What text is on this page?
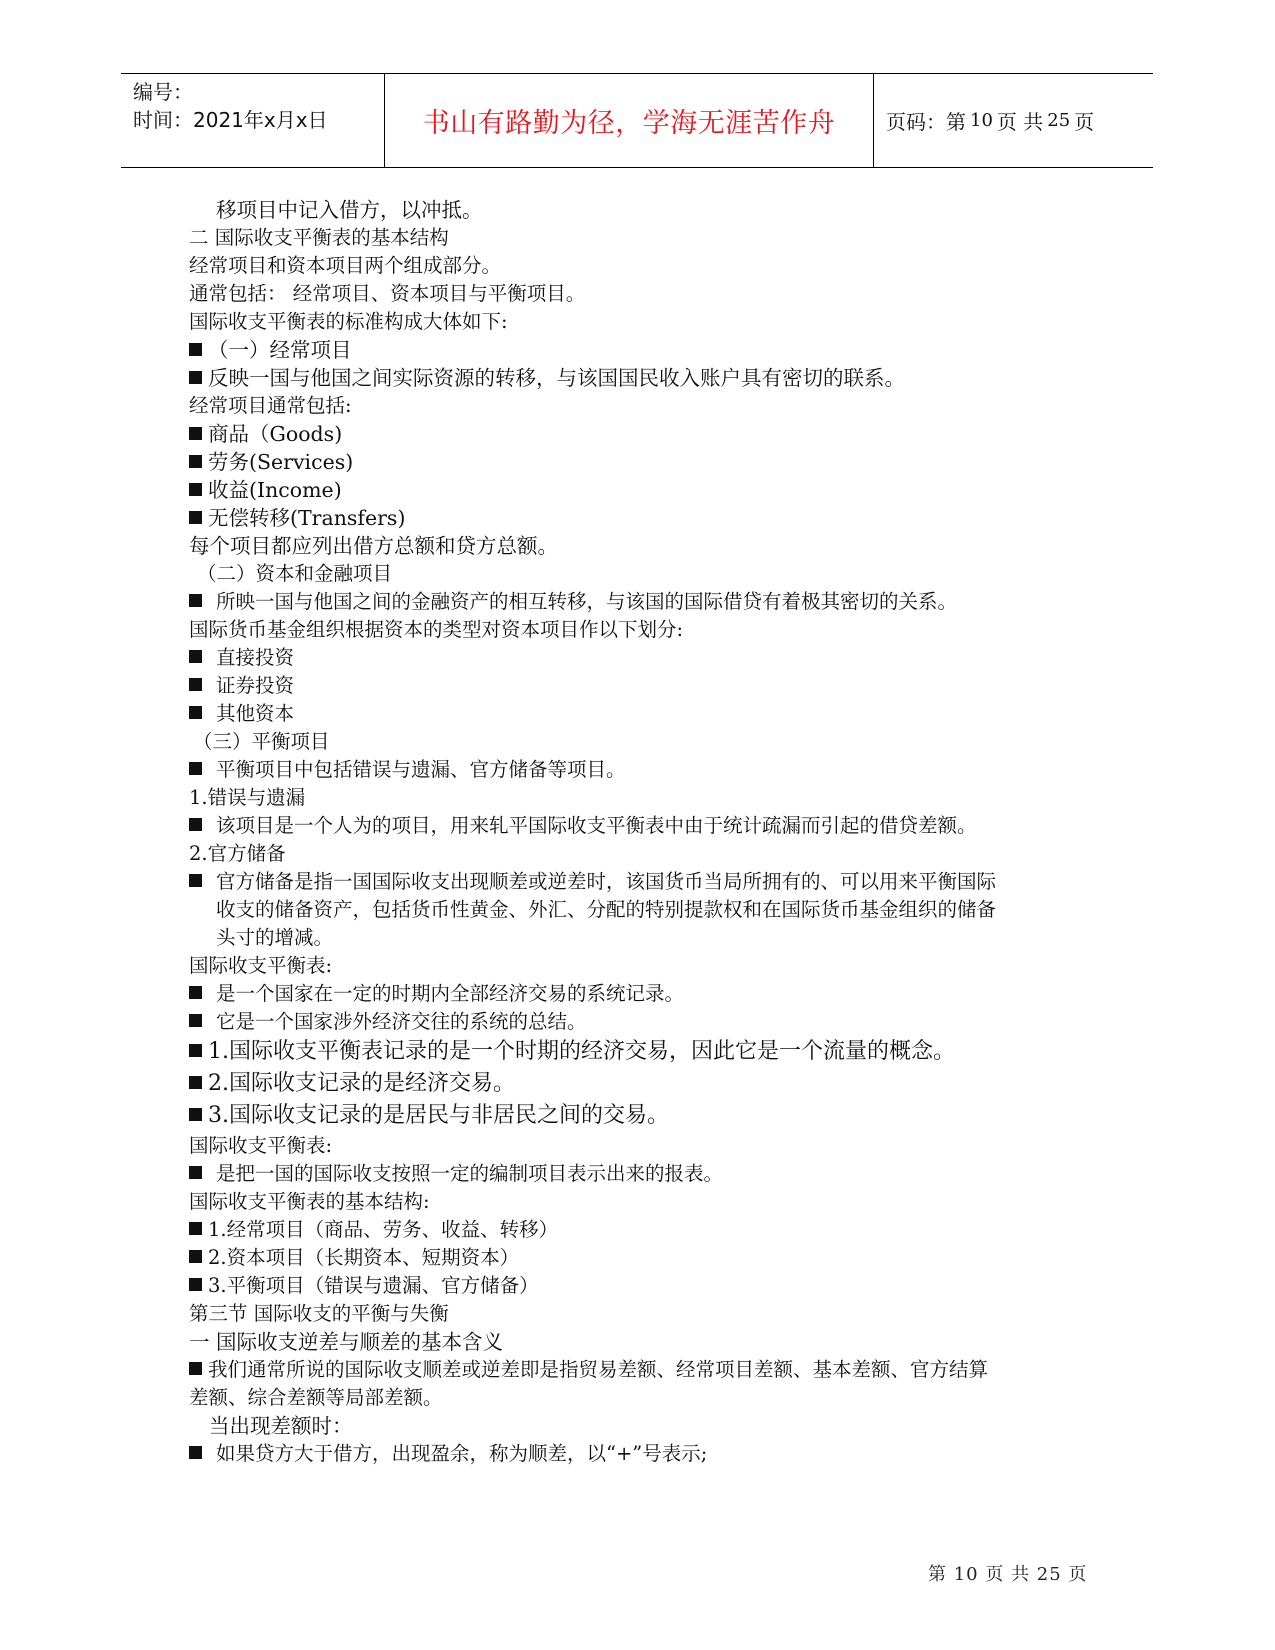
编号：
时间：2021年x月x日	书山有路勤为径，学海无涯苦作舟	页码：第 10 页 共 25 页
移项目中记入借方，以冲抵。
二 国际收支平衡表的基本结构
经常项目和资本项目两个组成部分。
通常包括： 经常项目、资本项目与平衡项目。
国际收支平衡表的标准构成大体如下:
（一）经常项目
反映一国与他国之间实际资源的转移，与该国国民收入账户具有密切的联系。
经常项目通常包括:
商品（Goods)
劳务(Services)
收益(Income)
无偿转移(Transfers)
每个项目都应列出借方总额和贷方总额。
（二）资本和金融项目
所映一国与他国之间的金融资产的相互转移，与该国的国际借贷有着极其密切的关系。
国际货币基金组织根据资本的类型对资本项目作以下划分:
直接投资
证券投资
其他资本
（三）平衡项目
平衡项目中包括错误与遗漏、官方储备等项目。
1.错误与遗漏
该项目是一个人为的项目，用来轧平国际收支平衡表中由于统计疏漏而引起的借贷差额。
2.官方储备
官方储备是指一国国际收支出现顺差或逆差时，该国货币当局所拥有的、可以用来平衡国际
收支的储备资产，包括货币性黄金、外汇、分配的特别提款权和在国际货币基金组织的储备
头寸的增减。
国际收支平衡表:
是一个国家在一定的时期内全部经济交易的系统记录。
它是一个国家涉外经济交往的系统的总结。
1.国际收支平衡表记录的是一个时期的经济交易，因此它是一个流量的概念。
2.国际收支记录的是经济交易。
3.国际收支记录的是居民与非居民之间的交易。
国际收支平衡表:
是把一国的国际收支按照一定的编制项目表示出来的报表。
国际收支平衡表的基本结构:
1.经常项目（商品、劳务、收益、转移）
2.资本项目（长期资本、短期资本）
3.平衡项目（错误与遗漏、官方储备）
第三节 国际收支的平衡与失衡
一 国际收支逆差与顺差的基本含义
我们通常所说的国际收支顺差或逆差即是指贸易差额、经常项目差额、基本差额、官方结算
差额、综合差额等局部差额。
当出现差额时：
如果贷方大于借方，出现盈余，称为顺差，以“+”号表示;
第 10 页 共 25 页
